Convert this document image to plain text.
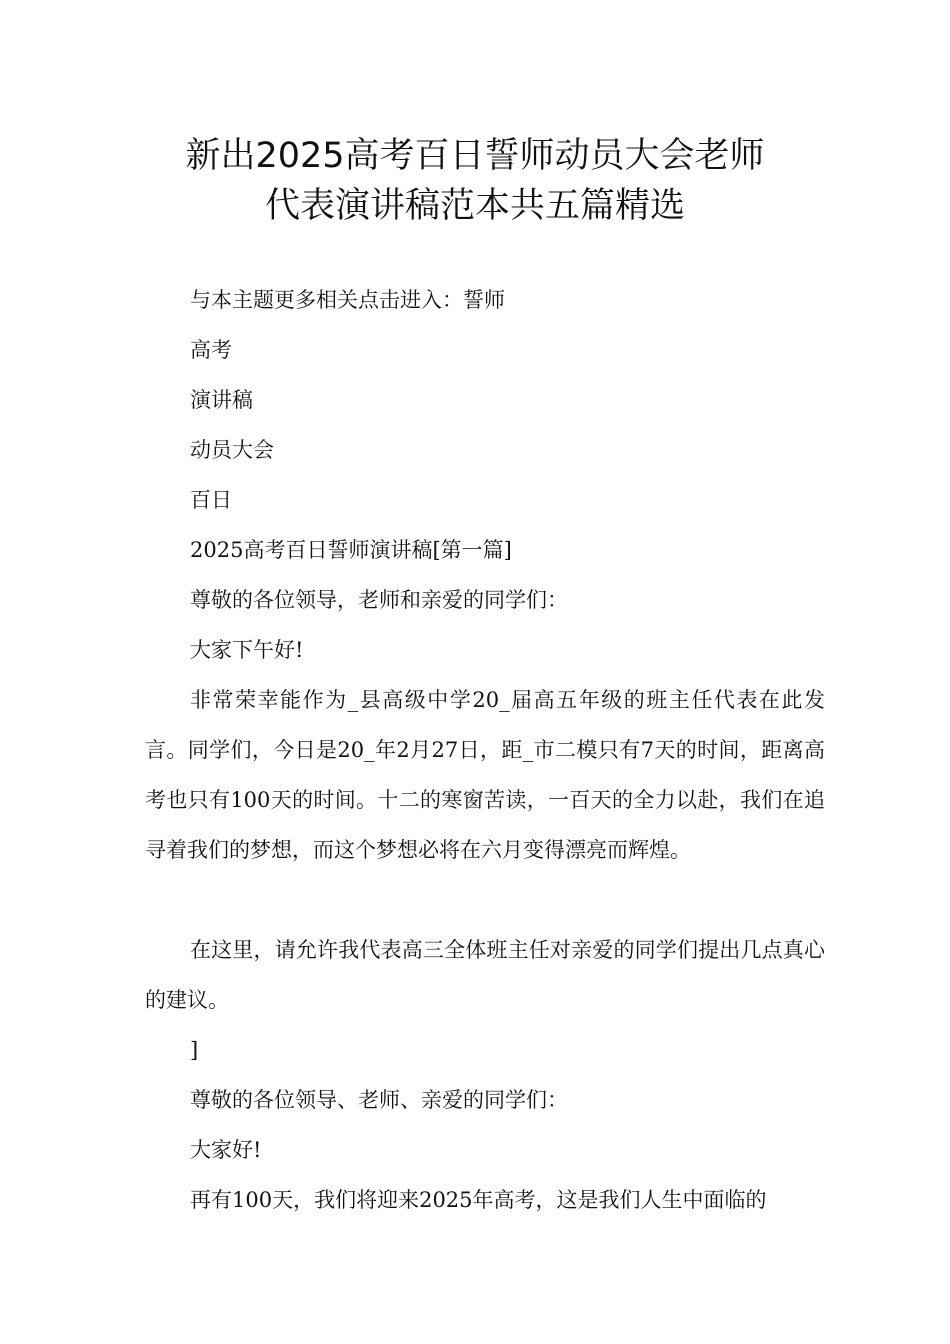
新出2025高考百日誓师动员大会老师
代表演讲稿范本共五篇精选
与本主题更多相关点击进入：誓师
高考
演讲稿
动员大会
百日
2025高考百日誓师演讲稿[第一篇]
尊敬的各位领导，老师和亲爱的同学们：
大家下午好!

非常荣幸能作为_县高级中学20_届高五年级的班主任代表在此发言。同学们，今日是20_年2月27日，距_市二模只有7天的时间，距离高考也只有100天的时间。十二的寒窗苦读，一百天的全力以赴，我们在追寻着我们的梦想，而这个梦想必将在六月变得漂亮而辉煌。

在这里，请允许我代表高三全体班主任对亲爱的同学们提出几点真心的建议。

]
尊敬的各位领导、老师、亲爱的同学们：
大家好!
再有100天，我们将迎来2025年高考，这是我们人生中面临的
